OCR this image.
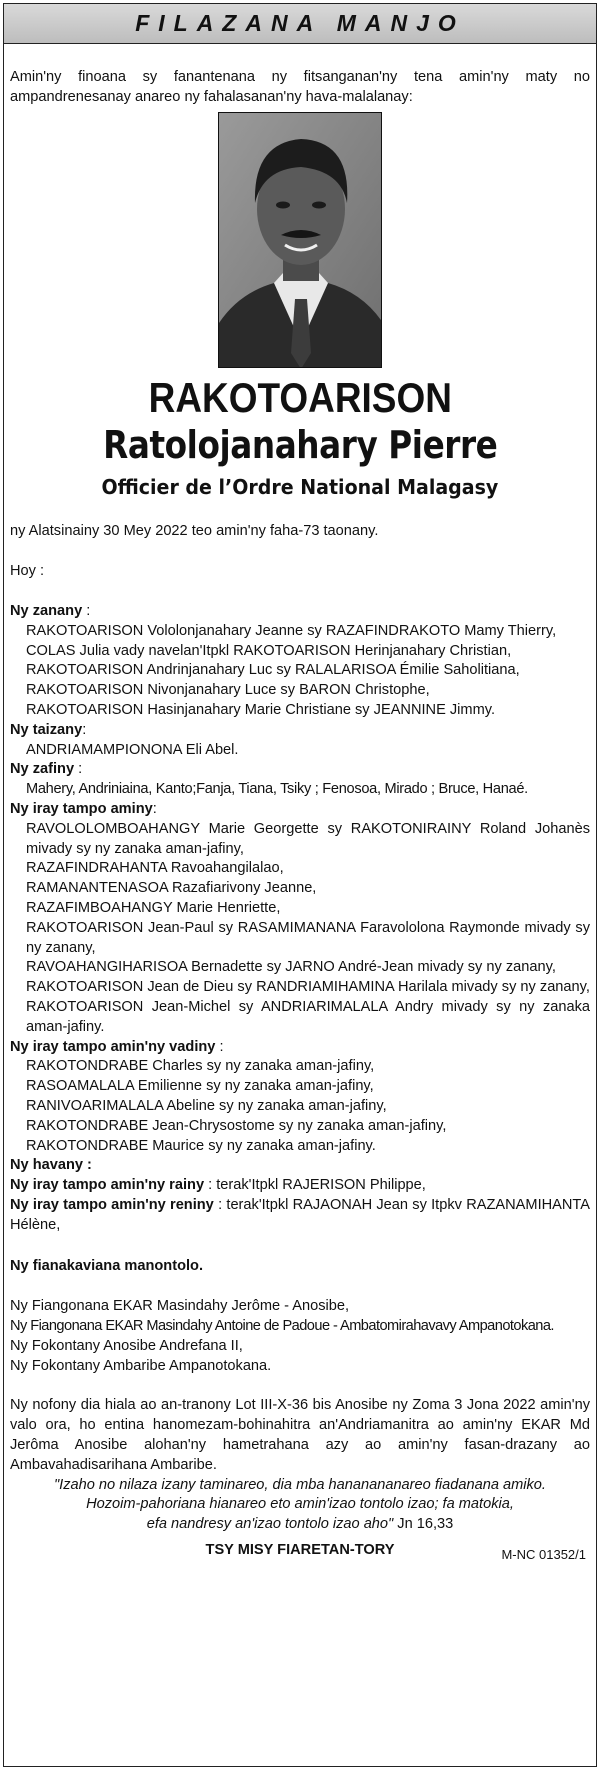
FILAZANA MANJO

Amin'ny finoana sy fanantenana ny fitsanganan'ny tena amin'ny maty no ampandrenesanay anareo ny fahalasanan'ny hava-malalanay:

RAKOTOARISON
Ratolojanahary Pierre
Officier de l’Ordre National Malagasy

ny Alatsinainy 30 Mey 2022 teo amin'ny faha-73 taonany.

Hoy :

Ny zanany :

RAKOTOARISON Vololonjanahary Jeanne sy RAZAFINDRAKOTO Mamy Thierry,

COLAS Julia vady navelan'Itpkl RAKOTOARISON Herinjanahary Christian,

RAKOTOARISON Andrinjanahary Luc sy RALALARISOA Émilie Saholitiana,

RAKOTOARISON Nivonjanahary Luce sy BARON Christophe,

RAKOTOARISON Hasinjanahary Marie Christiane sy JEANNINE Jimmy.

Ny taizany:

ANDRIAMAMPIONONA Eli Abel.

Ny zafiny :

Mahery, Andriniaina, Kanto;Fanja, Tiana, Tsiky ; Fenosoa, Mirado ; Bruce, Hanaé.

Ny iray tampo aminy:

RAVOLOLOMBOAHANGY Marie Georgette sy RAKOTONIRAINY Roland Johanès mivady sy ny zanaka aman-jafiny,

RAZAFINDRAHANTA Ravoahangilalao,

RAMANANTENASOA Razafiarivony Jeanne,

RAZAFIMBOAHANGY Marie Henriette,

RAKOTOARISON Jean-Paul sy RASAMIMANANA Faravololona Raymonde mivady sy ny zanany,

RAVOAHANGIHARISOA Bernadette sy JARNO André-Jean mivady sy ny zanany,

RAKOTOARISON Jean de Dieu sy RANDRIAMIHAMINA Harilala mivady sy ny zanany,

RAKOTOARISON Jean-Michel sy ANDRIARIMALALA Andry mivady sy ny zanaka aman-jafiny.

Ny iray tampo amin'ny vadiny :

RAKOTONDRABE Charles sy ny zanaka aman-jafiny,

RASOAMALALA Emilienne sy ny zanaka aman-jafiny,

RANIVOARIMALALA Abeline sy ny zanaka aman-jafiny,

RAKOTONDRABE Jean-Chrysostome sy ny zanaka aman-jafiny,

RAKOTONDRABE Maurice sy ny zanaka aman-jafiny.

Ny havany :

Ny iray tampo amin'ny rainy : terak'Itpkl RAJERISON Philippe,

Ny iray tampo amin'ny reniny : terak'Itpkl RAJAONAH Jean sy Itpkv RAZANAMIHANTA Hélène,

Ny fianakaviana manontolo.

Ny Fiangonana EKAR Masindahy Jerôme - Anosibe,

Ny Fiangonana EKAR Masindahy Antoine de Padoue - Ambatomirahavavy Ampanotokana.

Ny Fokontany Anosibe Andrefana II,

Ny Fokontany Ambaribe Ampanotokana.

Ny nofony dia hiala ao an-tranony Lot III-X-36 bis Anosibe ny Zoma 3 Jona 2022 amin'ny valo ora, ho entina hanomezam-bohinahitra an'Andriamanitra ao amin'ny EKAR Md Jerôma Anosibe alohan'ny hametrahana azy ao amin'ny fasan-drazany ao Ambavahadisarihana Ambaribe.

"Izaho no nilaza izany taminareo, dia mba hananananareo fiadanana amiko.

Hozoim-pahoriana hianareo eto amin'izao tontolo izao; fa matokia,

efa nandresy an'izao tontolo izao aho" Jn 16,33

TSY MISY FIARETAN-TORY	M-NC 01352/1
